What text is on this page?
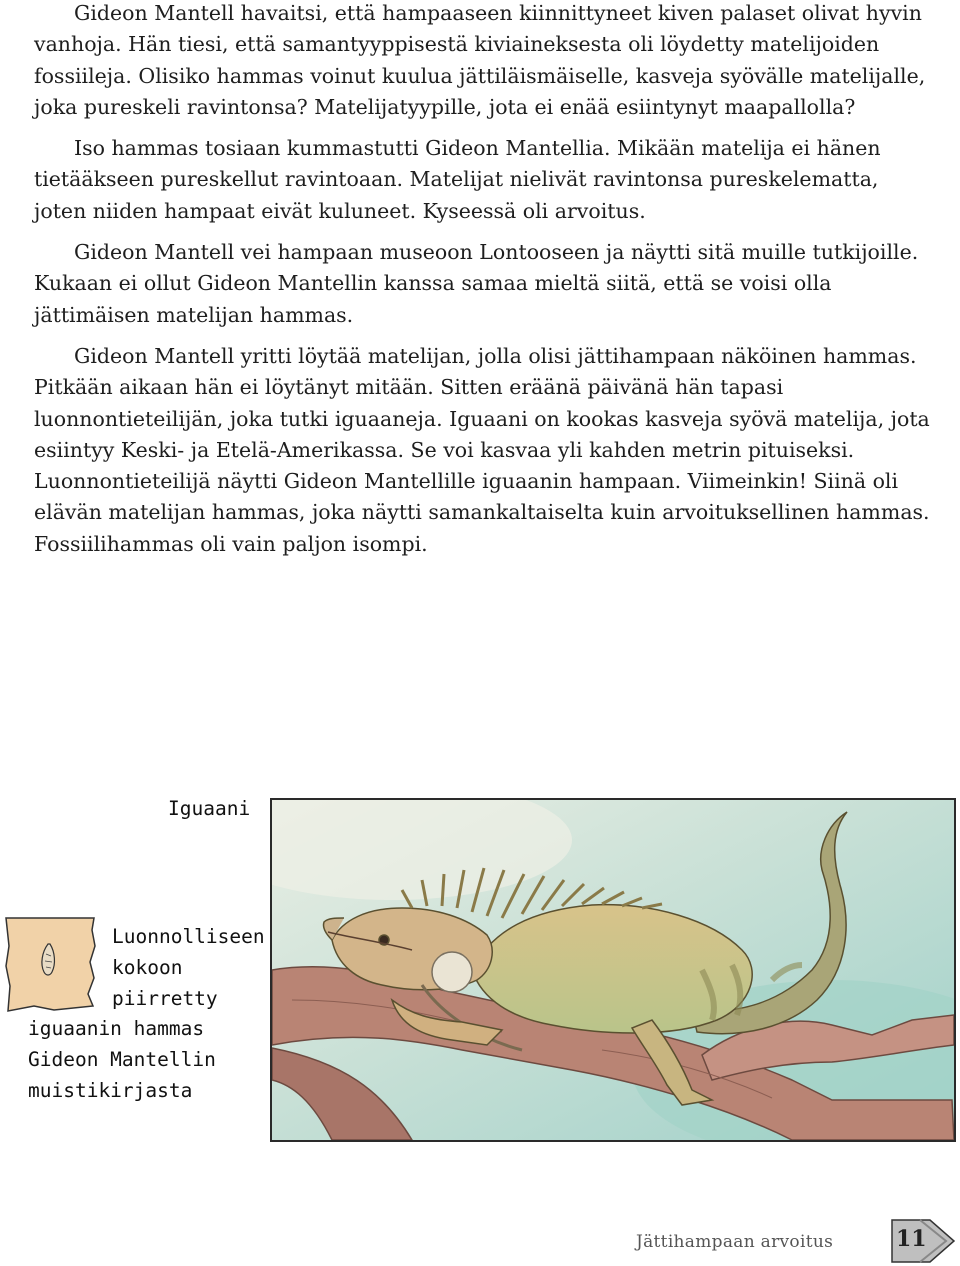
Gideon Mantell havaitsi, että hampaaseen kiinnittyneet kiven palaset olivat hyvin vanhoja. Hän tiesi, että samantyyppisestä kiviaineksesta oli löydetty matelijoiden fossiileja. Olisiko hammas voinut kuulua jättiläismäiselle, kasveja syövälle matelijalle, joka pureskeli ravintonsa? Matelijatyypille, jota ei enää esiintynyt maapallolla?

Iso hammas tosiaan kummastutti Gideon Mantellia. Mikään matelija ei hänen tietääkseen pureskellut ravintoaan. Matelijat nielivät ravintonsa pureskelematta, joten niiden hampaat eivät kuluneet. Kyseessä oli arvoitus.

Gideon Mantell vei hampaan museoon Lontooseen ja näytti sitä muille tutkijoille. Kukaan ei ollut Gideon Mantellin kanssa samaa mieltä siitä, että se voisi olla jättimäisen matelijan hammas.

Gideon Mantell yritti löytää matelijan, jolla olisi jättihampaan näköinen hammas. Pitkään aikaan hän ei löytänyt mitään. Sitten eräänä päivänä hän tapasi luonnontieteilijän, joka tutki iguaaneja. Iguaani on kookas kasveja syövä matelija, jota esiintyy Keski- ja Etelä-Amerikassa. Se voi kasvaa yli kahden metrin pituiseksi. Luonnontieteilijä näytti Gideon Mantellille iguaanin hampaan. Viimeinkin! Siinä oli elävän matelijan hammas, joka näytti samankaltaiselta kuin arvoituksellinen hammas. Fossiilihammas oli vain paljon isompi.

Iguaani
Luonnolliseen
kokoon
piirretty
iguaanin hammas
Gideon Mantellin
muistikirjasta
Jättihampaan arvoitus	11
